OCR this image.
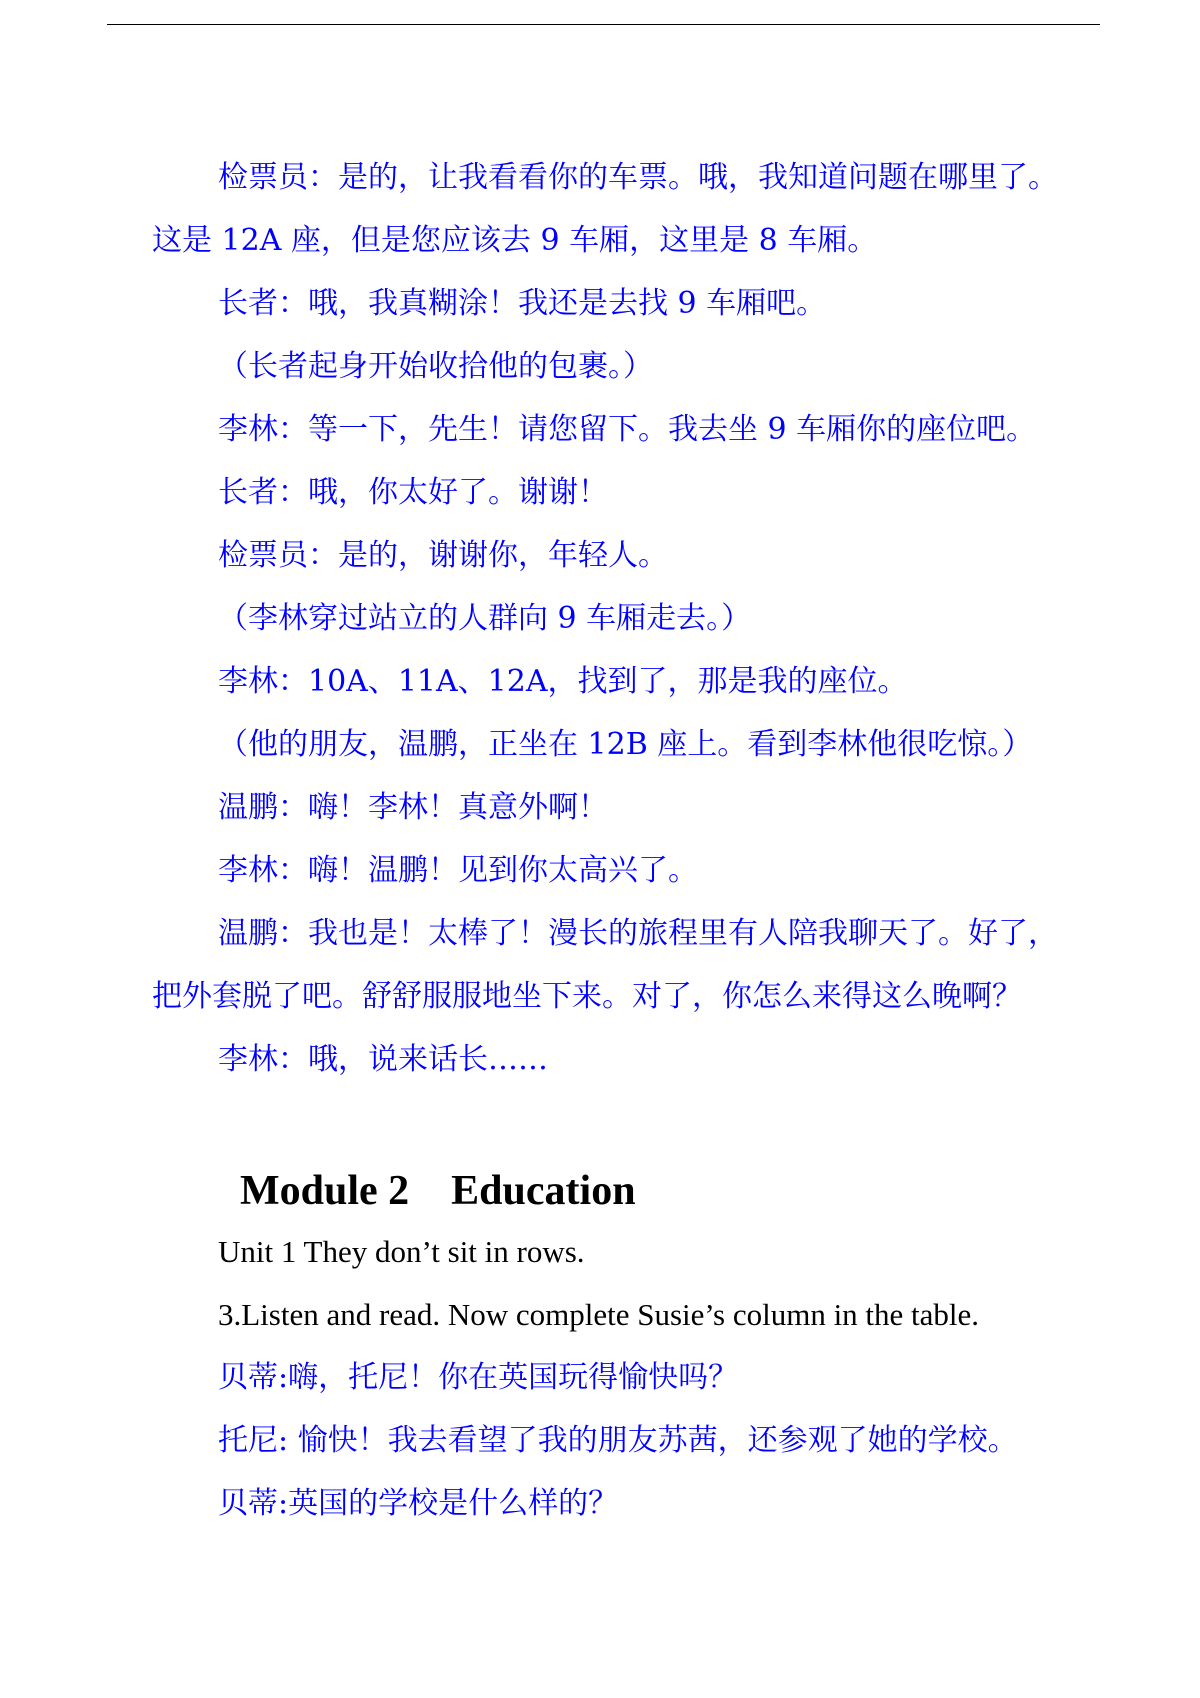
检票员：是的，让我看看你的车票。哦，我知道问题在哪里了。

这是 12A 座，但是您应该去 9 车厢，这里是 8 车厢。

长者：哦，我真糊涂！我还是去找 9 车厢吧。

（长者起身开始收拾他的包裹。）

李林：等一下，先生！请您留下。我去坐 9 车厢你的座位吧。

长者：哦，你太好了。谢谢！

检票员：是的，谢谢你，年轻人。

（李林穿过站立的人群向 9 车厢走去。）

李林：10A、11A、12A，找到了，那是我的座位。

（他的朋友，温鹏，正坐在 12B 座上。看到李林他很吃惊。）

温鹏：嗨！李林！真意外啊！

李林：嗨！温鹏！见到你太高兴了。

温鹏：我也是！太棒了！漫长的旅程里有人陪我聊天了。好了，

把外套脱了吧。舒舒服服地坐下来。对了，你怎么来得这么晚啊？

李林：哦，说来话长……

Module 2    Education

Unit 1 They don’t sit in rows.

3.Listen and read. Now complete Susie’s column in the table.

贝蒂:嗨，托尼！你在英国玩得愉快吗？

托尼: 愉快！我去看望了我的朋友苏茜，还参观了她的学校。

贝蒂:英国的学校是什么样的？
